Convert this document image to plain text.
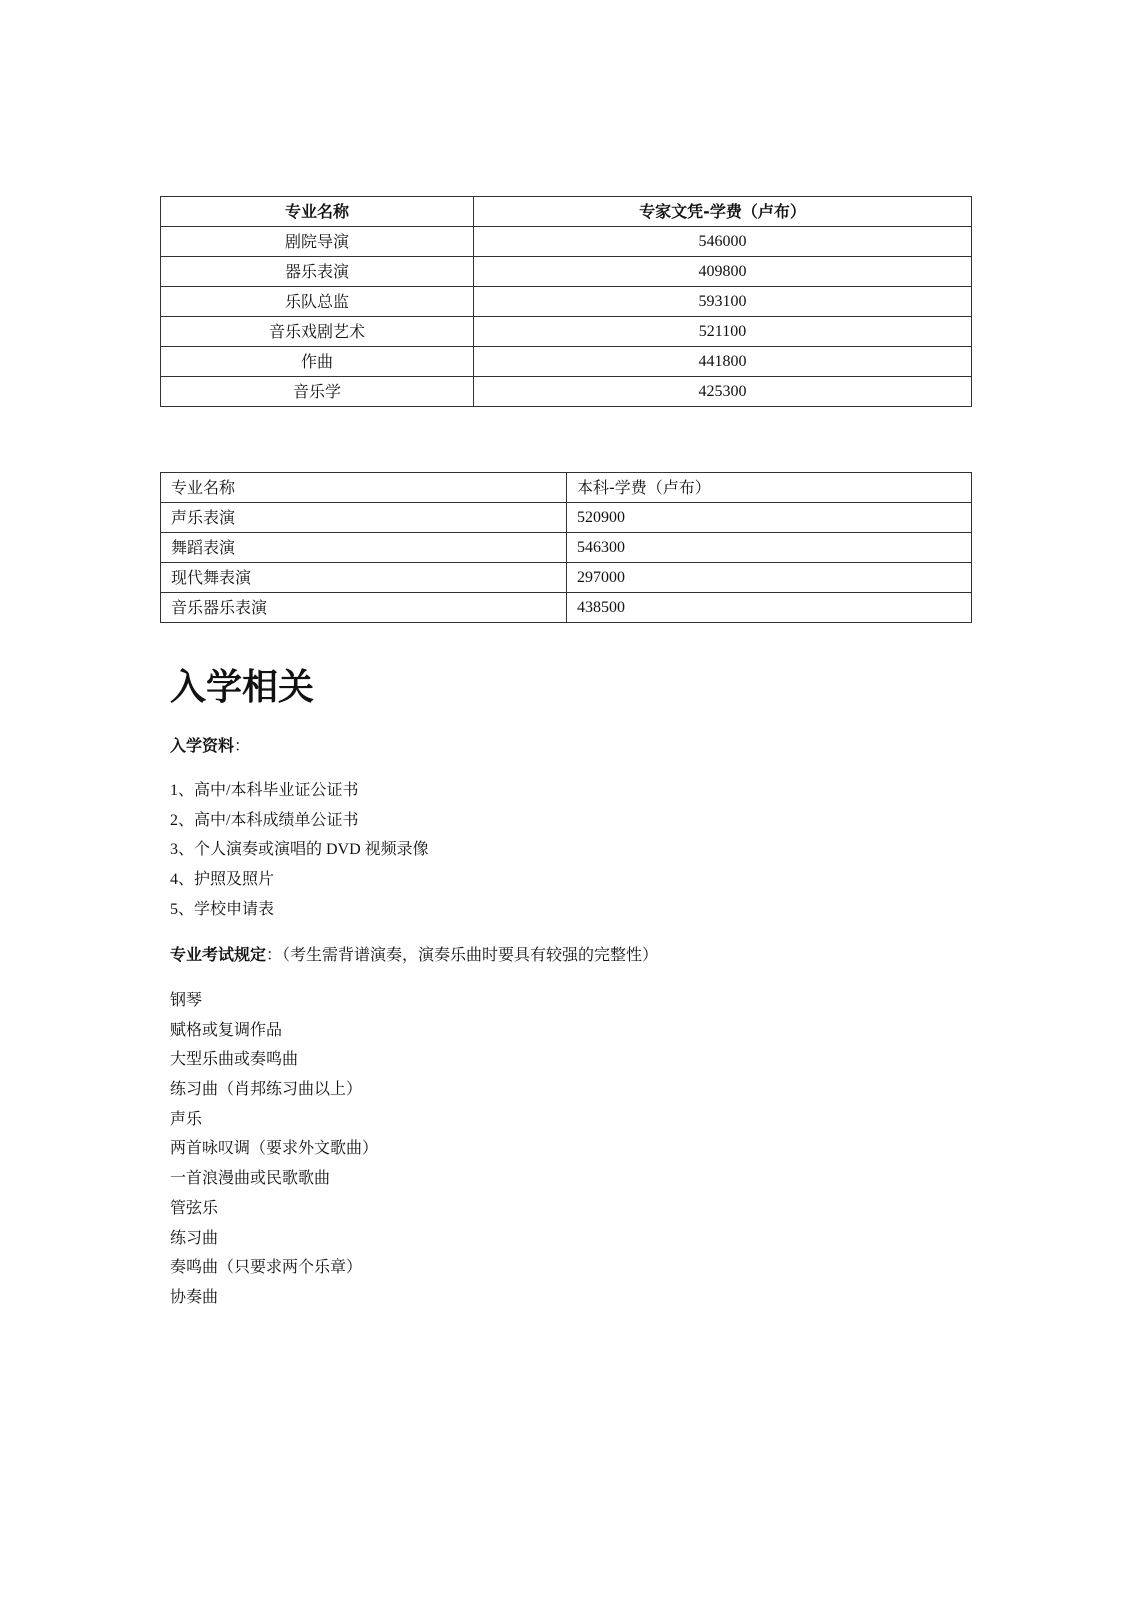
专业名称	专家文凭-学费（卢布）
剧院导演	546000
器乐表演	409800
乐队总监	593100
音乐戏剧艺术	521100
作曲	441800
音乐学	425300
专业名称	本科-学费（卢布）
声乐表演	520900
舞蹈表演	546300
现代舞表演	297000
音乐器乐表演	438500
入学相关

入学资料：

1、高中/本科毕业证公证书
2、高中/本科成绩单公证书
3、个人演奏或演唱的 DVD 视频录像
4、护照及照片
5、学校申请表

专业考试规定：（考生需背谱演奏，演奏乐曲时要具有较强的完整性）

钢琴
赋格或复调作品
大型乐曲或奏鸣曲
练习曲（肖邦练习曲以上）
声乐
两首咏叹调（要求外文歌曲）
一首浪漫曲或民歌歌曲
管弦乐
练习曲
奏鸣曲（只要求两个乐章）
协奏曲
